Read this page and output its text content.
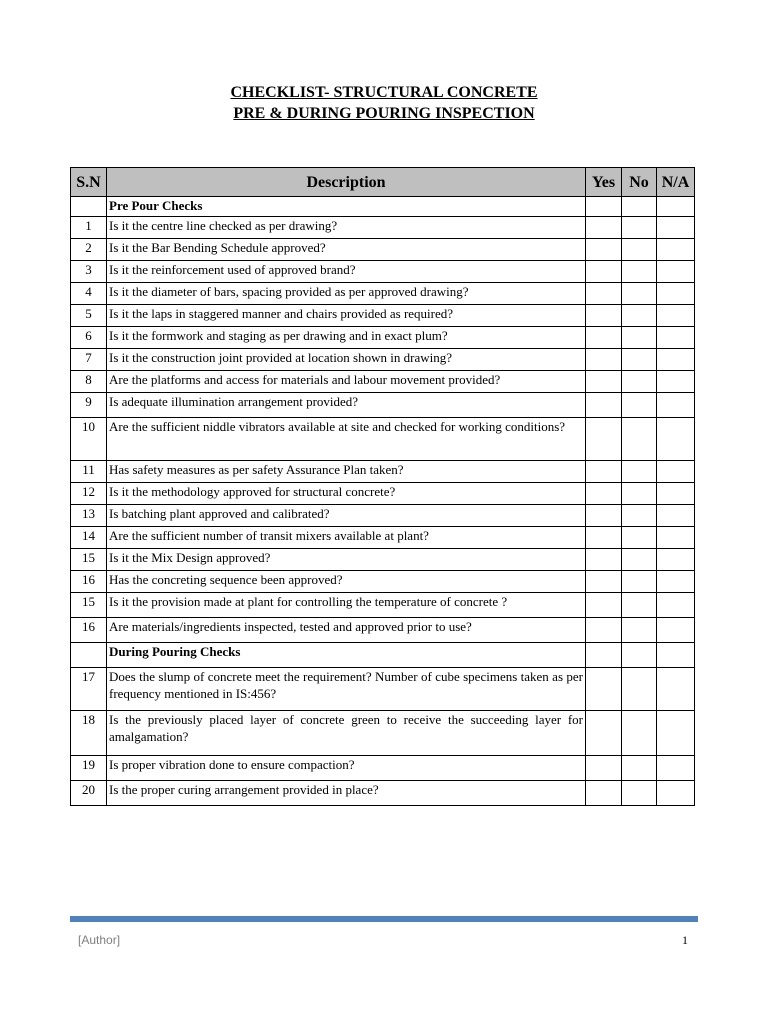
CHECKLIST- STRUCTURAL CONCRETE
PRE & DURING POURING INSPECTION
S.N	Description	Yes	No	N/A
	Pre Pour Checks			
1	Is it the centre line checked as per drawing?			
2	Is it the Bar Bending Schedule approved?			
3	Is it the reinforcement used of approved brand?			
4	Is it the diameter of bars, spacing provided as per approved drawing?			
5	Is it the laps in staggered manner and chairs provided as required?			
6	Is it the formwork and staging as per drawing and in exact plum?			
7	Is it the construction joint provided at location shown in drawing?			
8	Are the platforms and access for materials and labour movement provided?			
9	Is adequate illumination arrangement provided?			
10	Are the sufficient niddle vibrators available at site and checked for working conditions?			
11	Has safety measures as per safety Assurance Plan taken?			
12	Is it the methodology approved for structural concrete?			
13	Is batching plant approved and calibrated?			
14	Are the sufficient number of transit mixers available at plant?			
15	Is it the Mix Design approved?			
16	Has the concreting sequence been approved?			
15	Is it the provision made at plant for controlling the temperature of concrete ?			
16	Are materials/ingredients inspected, tested and approved prior to use?			
	During Pouring Checks			
17	Does the slump of concrete meet the requirement? Number of cube specimens taken as per frequency mentioned in IS:456?			
18	Is the previously placed layer of concrete green to receive the succeeding layer for amalgamation?			
19	Is proper vibration done to ensure compaction?			
20	Is the proper curing arrangement provided in place?			
[Author]	1
